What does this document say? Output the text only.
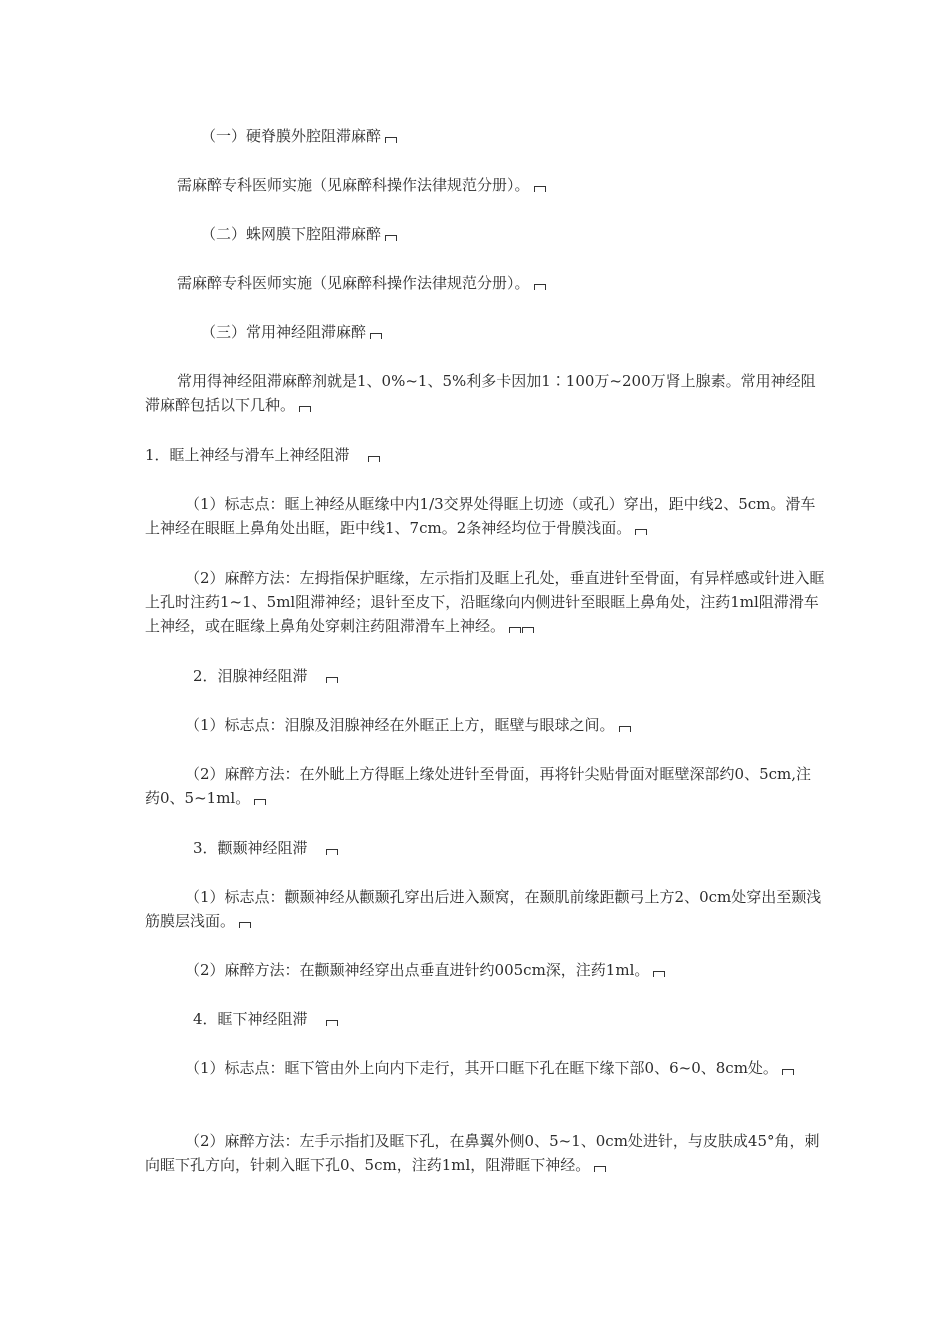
（一）硬脊膜外腔阻滞麻醉

需麻醉专科医师实施（见麻醉科操作法律规范分册）。

（二）蛛网膜下腔阻滞麻醉

需麻醉专科医师实施（见麻醉科操作法律规范分册）。

（三）常用神经阻滞麻醉

常用得神经阻滞麻醉剂就是1、0%~1、5%利多卡因加1∶100万~200万肾上腺素。常用神经阻滞麻醉包括以下几种。

1．眶上神经与滑车上神经阻滞

（1）标志点：眶上神经从眶缘中内1/3交界处得眶上切迹（或孔）穿出，距中线2、5cm。滑车上神经在眼眶上鼻角处出眶，距中线1、7cm。2条神经均位于骨膜浅面。

（2）麻醉方法：左拇指保护眶缘，左示指扪及眶上孔处，垂直进针至骨面，有异样感或针进入眶上孔时注药1~1、5ml阻滞神经；退针至皮下，沿眶缘向内侧进针至眼眶上鼻角处，注药1ml阻滞滑车上神经，或在眶缘上鼻角处穿刺注药阻滞滑车上神经。

2．泪腺神经阻滞

（1）标志点：泪腺及泪腺神经在外眶正上方，眶壁与眼球之间。

（2）麻醉方法：在外眦上方得眶上缘处进针至骨面，再将针尖贴骨面对眶壁深部约0、5cm,注药0、5~1ml。

3．颧颞神经阻滞

（1）标志点：颧颞神经从颧颞孔穿出后进入颞窝，在颞肌前缘距颧弓上方2、0cm处穿出至颞浅筋膜层浅面。

（2）麻醉方法：在颧颞神经穿出点垂直进针约005cm深，注药1ml。

4．眶下神经阻滞

（1）标志点：眶下管由外上向内下走行，其开口眶下孔在眶下缘下部0、6~0、8cm处。

（2）麻醉方法：左手示指扪及眶下孔，在鼻翼外侧0、5~1、0cm处进针，与皮肤成45°角，刺向眶下孔方向，针刺入眶下孔0、5cm，注药1ml，阻滞眶下神经。
